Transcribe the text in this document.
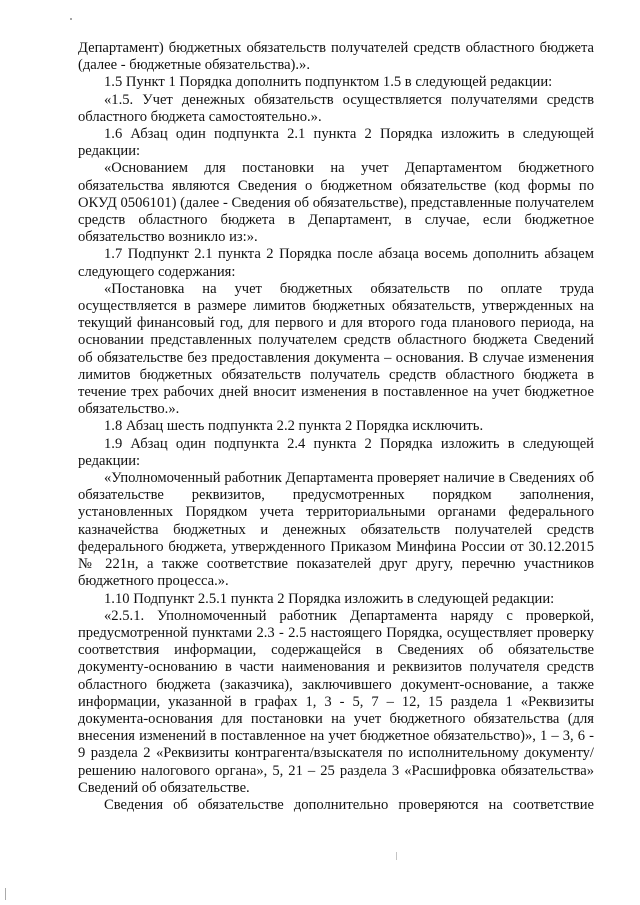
Департамент) бюджетных обязательств получателей средств областного бюджета (далее - бюджетные обязательства).».

1.5 Пункт 1 Порядка дополнить подпунктом 1.5 в следующей редакции:

«1.5. Учет денежных обязательств осуществляется получателями средств областного бюджета самостоятельно.».

1.6 Абзац один подпункта 2.1 пункта 2 Порядка изложить в следующей редакции:

«Основанием для постановки на учет Департаментом бюджетного обязательства являются Сведения о бюджетном обязательстве (код формы по ОКУД 0506101) (далее - Сведения об обязательстве), представленные получателем средств областного бюджета в Департамент, в случае, если бюджетное обязательство возникло из:».

1.7 Подпункт 2.1 пункта 2 Порядка после абзаца восемь дополнить абзацем следующего содержания:

«Постановка на учет бюджетных обязательств по оплате труда осуществляется в размере лимитов бюджетных обязательств, утвержденных на текущий финансовый год, для первого и для второго года планового периода, на основании представленных получателем средств областного бюджета Сведений об обязательстве без предоставления документа – основания. В случае изменения лимитов бюджетных обязательств получатель средств областного бюджета в течение трех рабочих дней вносит изменения в поставленное на учет бюджетное обязательство.».

1.8 Абзац шесть подпункта 2.2 пункта 2 Порядка исключить.

1.9 Абзац один подпункта 2.4 пункта 2 Порядка изложить в следующей редакции:

«Уполномоченный работник Департамента проверяет наличие в Сведениях об обязательстве реквизитов, предусмотренных порядком заполнения, установленных Порядком учета территориальными органами федерального казначейства бюджетных и денежных обязательств получателей средств федерального бюджета, утвержденного Приказом Минфина России от 30.12.2015 № 221н, а также соответствие показателей друг другу, перечню участников бюджетного процесса.».

1.10 Подпункт 2.5.1 пункта 2 Порядка изложить в следующей редакции:

«2.5.1. Уполномоченный работник Департамента наряду с проверкой, предусмотренной пунктами 2.3 - 2.5 настоящего Порядка, осуществляет проверку соответствия информации, содержащейся в Сведениях об обязательстве документу-основанию в части наименования и реквизитов получателя средств областного бюджета (заказчика), заключившего документ-основание, а также информации, указанной в графах 1, 3 - 5, 7 – 12, 15 раздела 1 «Реквизиты документа-основания для постановки на учет бюджетного обязательства (для внесения изменений в поставленное на учет бюджетное обязательство)», 1 – 3, 6 - 9 раздела 2 «Реквизиты контрагента/взыскателя по исполнительному документу/решению налогового органа», 5, 21 – 25 раздела 3 «Расшифровка обязательства» Сведений об обязательстве.

Сведения об обязательстве дополнительно проверяются на соответствие
